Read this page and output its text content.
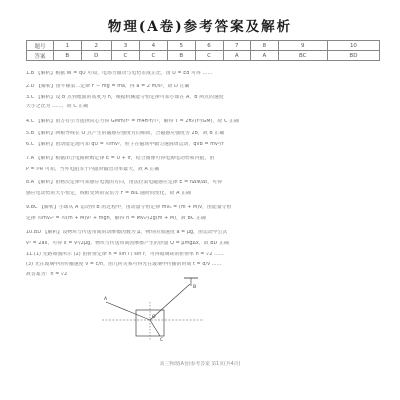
物理(A卷)参考答案及解析
题号	1	2	3	4	5	6	7	8	9	10
答案	B	D	C	C	B	C	A	A	BC	BD
1.B 【解析】根据 W = qU 可知，电场力做功与电势差成正比，由 U = Ed 可得 ……
2.D 【解析】由牛顿第二定律 F − mg = ma，得 a = 2 m/s²，故 D 正确
3.C 【解析】设 B 点到地面的高度为 h，根据机械能守恒定律可知小球在 A、B 两点的速度
大小之比为 ……，故 C 正确
4.C 【解析】由万有引力提供向心力得 GMm/r² = m4π²r/T²，解得 T = 2π√(r³/GM)，故 C 正确
5.B 【解析】两根导线在 O 点产生的磁感应强度方向相同，合磁感应强度为 2B，故 B 正确
6.C 【解析】由动能定理可知 qU = ½mv²，粒子在磁场中做匀速圆周运动，qvB = mv²/r
7.A 【解析】根据闭合电路欧姆定律 E = U + Ir，结合图像可得电源电动势和内阻，由
P = I²R 可知，当外电阻等于内阻时输出功率最大，故 A 正确
8.A 【解析】由楞次定律可知感应电流的方向，由法拉第电磁感应定律 E = nΔΦ/Δt，可得
感应电动势的大小恒定，线框受到的安培力 F = BIL 随时间变化，故 A 正确
9.BC 【解析】小球从 A 运动到 B 的过程中，由动量守恒定律 mv₀ = (m + M)v，由能量守恒
定律 ½mv₀² = ½(m + M)v² + mgh，解得 h = Mv₀²/2g(m + M)，故 BC 正确
10.BD 【解析】设物块与传送带间的动摩擦因数为 μ，物块的加速度 a = μg，由运动学公式
v² = 2ax，可得 x = v²/2μg，物块与传送带间因摩擦产生的热量 Q = μmgΔx，故 BD 正确
11.(1) 光路如图所示 (2) 由折射定律 n = sin i / sin r，可得玻璃砖的折射率 n = √2 ……
(3) 光在玻璃中的传播速度 v = c/n，由几何关系可得光在玻璃中传播的时间 t = d/v ……
故答案为：n = √2
A
B
O
C
高三物理(A卷)参考答案 第1页(共4页)
